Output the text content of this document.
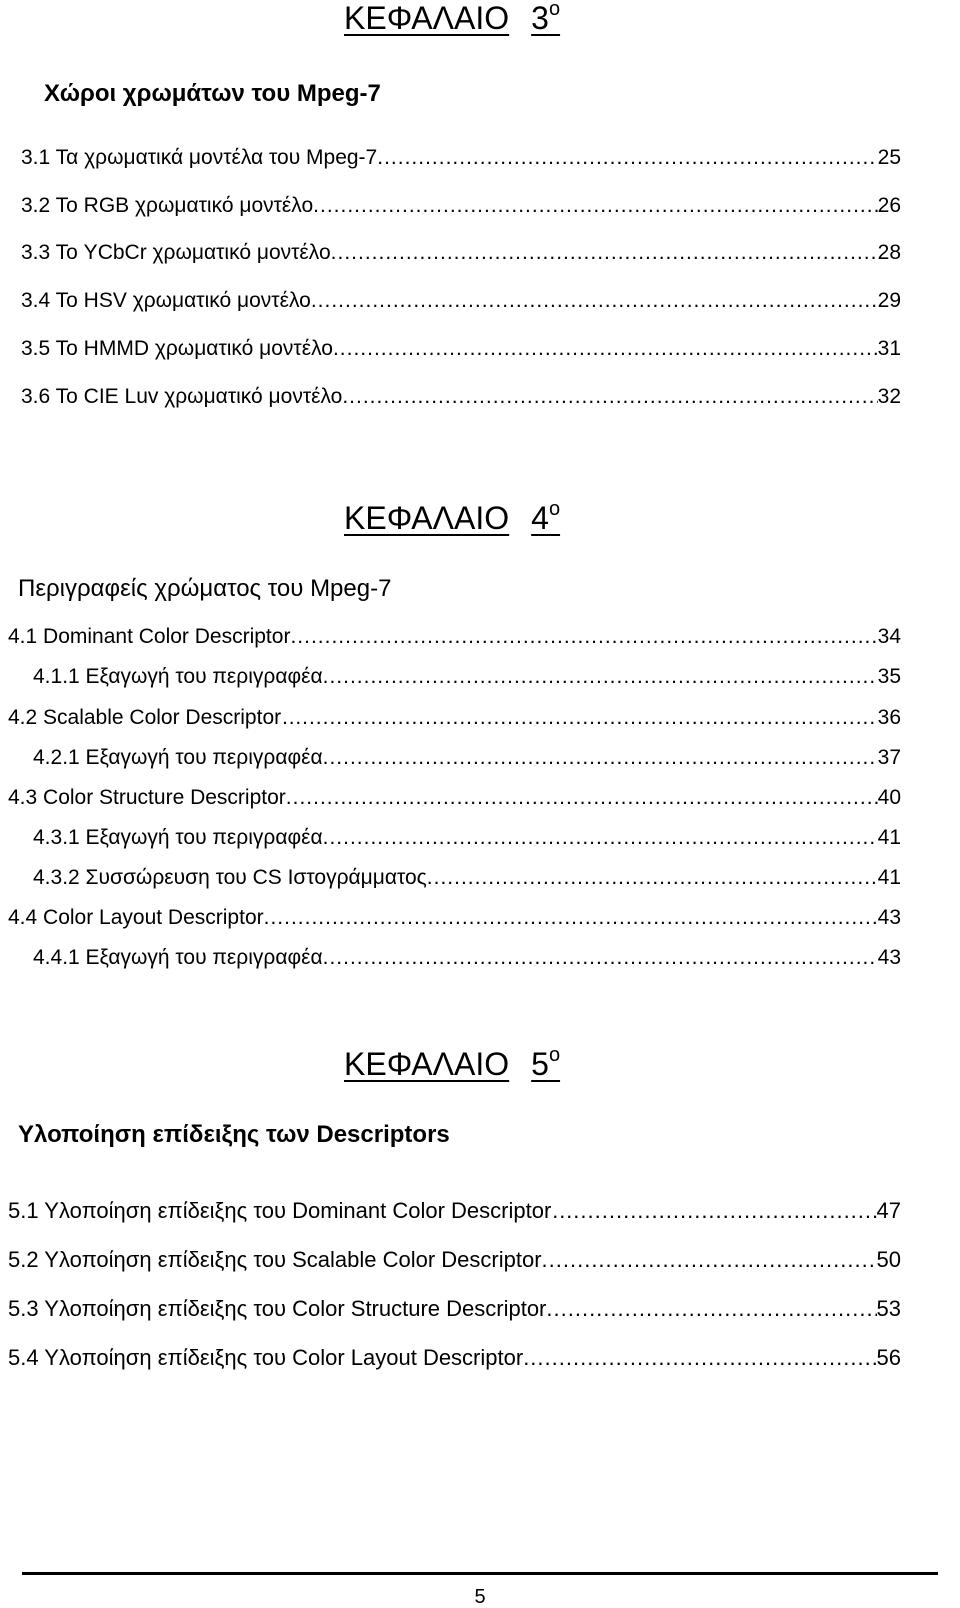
ΚΕΦΑΛΑΙΟ $3^o$
Χώροι χρωμάτων του Mpeg-7
3.1 Τα χρωματικά μοντέλα του Mpeg-7 .....	25
3.2 Το RGB χρωματικό μοντέλο .....	26
3.3 Το YCbCr χρωματικό μοντέλο .....	28
3.4 Το HSV χρωματικό μοντέλο .....	29
3.5 Το HMMD χρωματικό μοντέλο .....	31
3.6 Το CIE Luv χρωματικό μοντέλο .....	32
ΚΕΦΑΛΑΙΟ $4^o$
Περιγραφείς χρώματος του Mpeg-7
4.1 Dominant Color Descriptor .....	34
4.1.1 Εξαγωγή του περιγραφέα .....	35
4.2 Scalable Color Descriptor… .....	36
4.2.1 Εξαγωγή του περιγραφέα .....	37
4.3 Color Structure Descriptor .....	40
4.3.1 Εξαγωγή του περιγραφέα .....	41
4.3.2 Συσσώρευση του CS Ιστογράμματος .....	41
4.4 Color Layout Descriptor .....	43
4.4.1 Εξαγωγή του περιγραφέα .....	43
ΚΕΦΑΛΑΙΟ $5^o$
Υλοποίηση επίδειξης των Descriptors
5.1 Υλοποίηση επίδειξης του Dominant Color Descriptor… .....	47
5.2 Υλοποίηση επίδειξης του Scalable Color Descriptor .....	50
5.3 Υλοποίηση επίδειξης του Color Structure Descriptor .....	53
5.4 Υλοποίηση επίδειξης του Color Layout Descriptor .....	56
5
